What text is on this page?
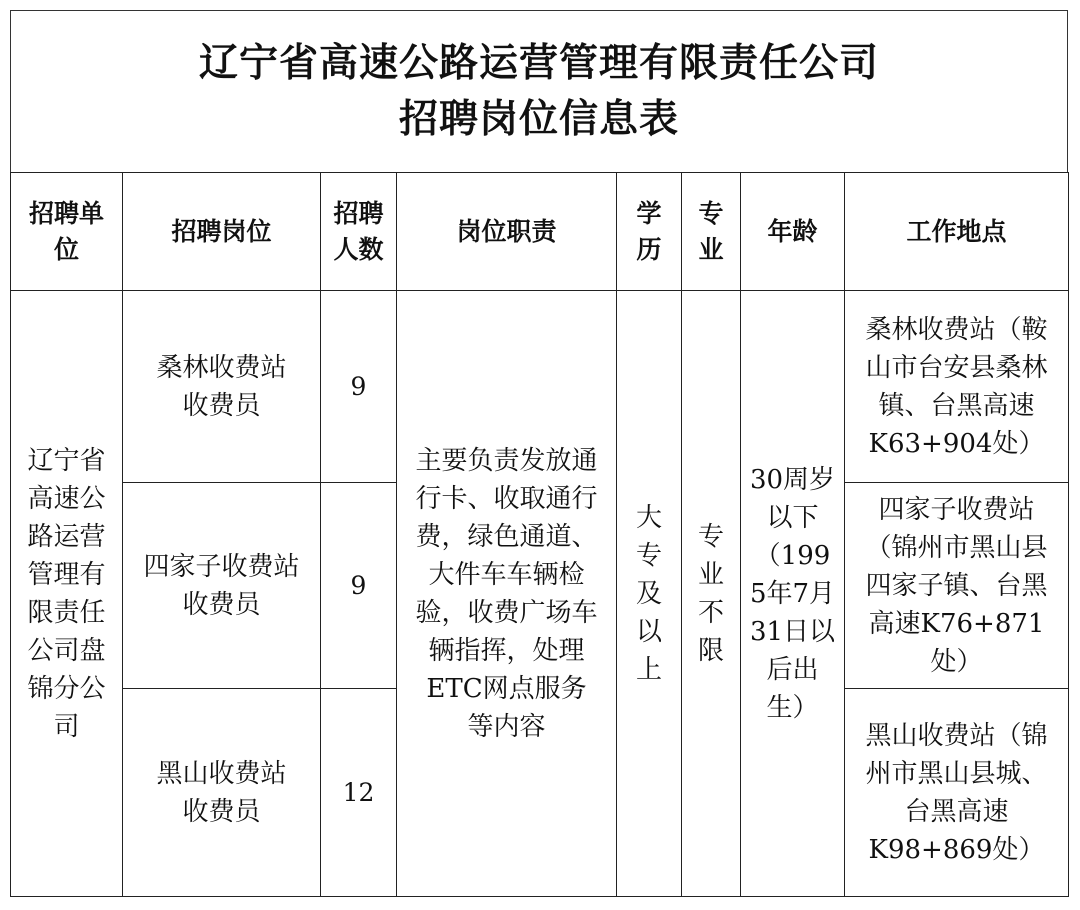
辽宁省高速公路运营管理有限责任公司
招聘岗位信息表
招聘单位	招聘岗位	招聘人数	岗位职责	学历	专业	年龄	工作地点
辽宁省高速公路运营管理有限责任公司盘锦分公司	桑林收费站收费员	9	主要负责发放通行卡、收取通行费，绿色通道、大件车车辆检验，收费广场车辆指挥，处理ETC网点服务等内容	大专及以上	专业不限	30周岁以下（1995年7月31日以后出生）	桑林收费站（鞍山市台安县桑林镇、台黑高速K63+904处）
	四家子收费站收费员	9					四家子收费站（锦州市黑山县四家子镇、台黑高速K76+871处）
	黑山收费站收费员	12					黑山收费站（锦州市黑山县城、台黑高速K98+869处）
